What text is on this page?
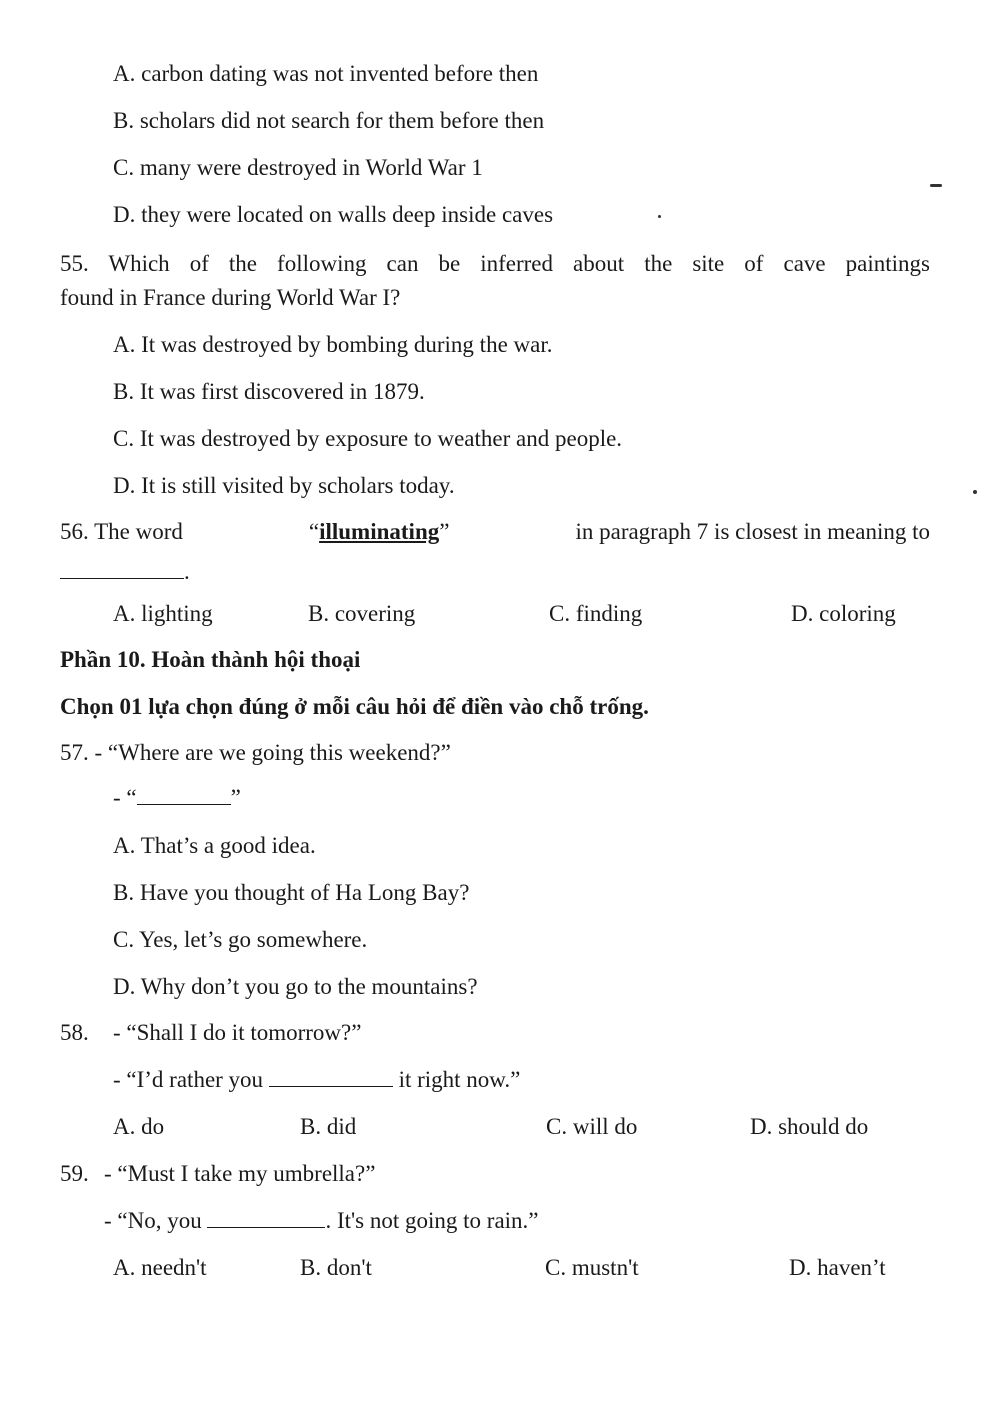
A. carbon dating was not invented before then
B. scholars did not search for them before then
C. many were destroyed in World War 1
D. they were located on walls deep inside caves
55. Which of the following can be inferred about the site of cave paintings
found in France during World War I?
A. It was destroyed by bombing during the war.
B. It was first discovered in 1879.
C. It was destroyed by exposure to weather and people.
D. It is still visited by scholars today.
56. The word	“illuminating”	in paragraph 7 is closest in meaning to
.
A. lighting	B. covering	C. finding	D. coloring
Phần 10. Hoàn thành hội thoại
Chọn 01 lựa chọn đúng ở mỗi câu hỏi để điền vào chỗ trống.
57. - “Where are we going this weekend?”
- “	”
A. That’s a good idea.
B. Have you thought of Ha Long Bay?
C. Yes, let’s go somewhere.
D. Why don’t you go to the mountains?
58. - “Shall I do it tomorrow?”
- “I’d rather you	it right now.”
A. do	B. did	C. will do	D. should do
59. - “Must I take my umbrella?”
- “No, you	. It's not going to rain.”
A. needn't	B. don't	C. mustn't	D. haven’t
